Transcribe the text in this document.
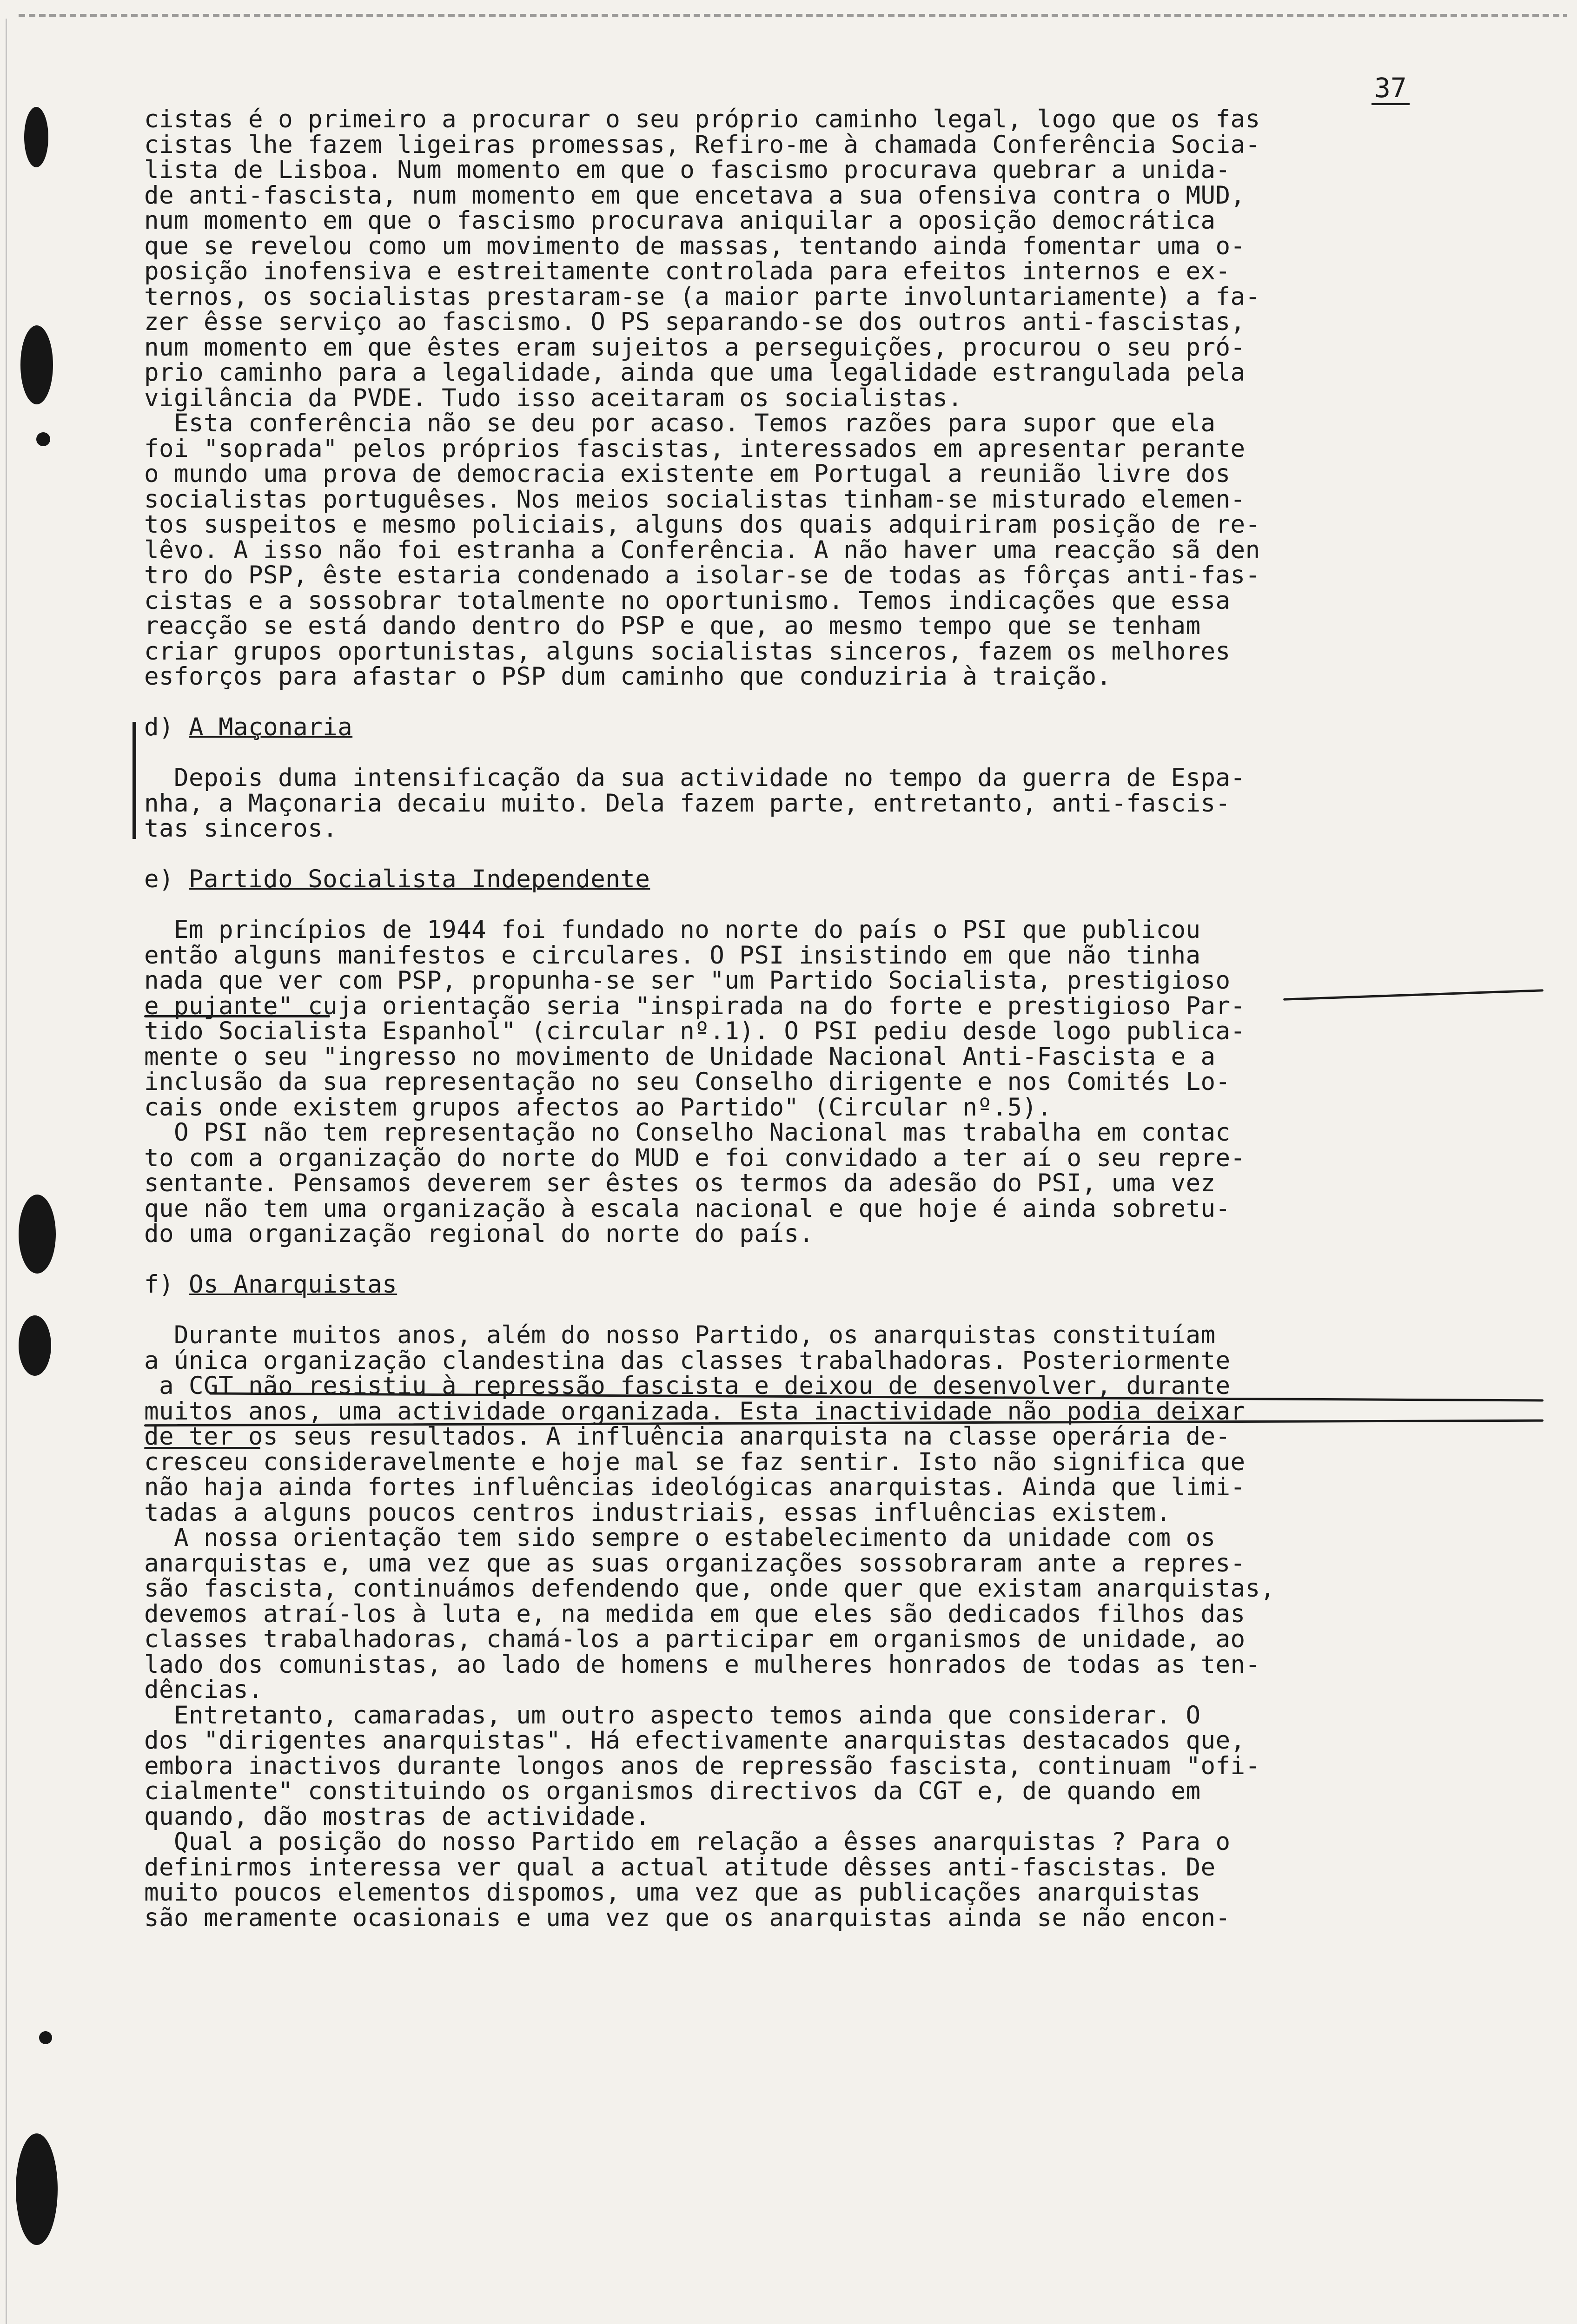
37
cistas é o primeiro a procurar o seu próprio caminho legal, logo que os fas
cistas lhe fazem ligeiras promessas, Refiro-me à chamada Conferência Socia-
lista de Lisboa. Num momento em que o fascismo procurava quebrar a unida-
de anti-fascista, num momento em que encetava a sua ofensiva contra o MUD,
num momento em que o fascismo procurava aniquilar a oposição democrática
que se revelou como um movimento de massas, tentando ainda fomentar uma o-
posição inofensiva e estreitamente controlada para efeitos internos e ex-
ternos, os socialistas prestaram-se (a maior parte involuntariamente) a fa-
zer êsse serviço ao fascismo. O PS separando-se dos outros anti-fascistas,
num momento em que êstes eram sujeitos a perseguições, procurou o seu pró-
prio caminho para a legalidade, ainda que uma legalidade estrangulada pela
vigilância da PVDE. Tudo isso aceitaram os socialistas.
Esta conferência não se deu por acaso. Temos razões para supor que ela
foi "soprada" pelos próprios fascistas, interessados em apresentar perante
o mundo uma prova de democracia existente em Portugal a reunião livre dos
socialistas portuguêses. Nos meios socialistas tinham-se misturado elemen-
tos suspeitos e mesmo policiais, alguns dos quais adquiriram posição de re-
lêvo. A isso não foi estranha a Conferência. A não haver uma reacção sã den
tro do PSP, êste estaria condenado a isolar-se de todas as fôrças anti-fas-
cistas e a sossobrar totalmente no oportunismo. Temos indicações que essa
reacção se está dando dentro do PSP e que, ao mesmo tempo que se tenham
criar grupos oportunistas, alguns socialistas sinceros, fazem os melhores
esforços para afastar o PSP dum caminho que conduziria à traição.
d) A Maçonaria
Depois duma intensificação da sua actividade no tempo da guerra de Espa-
nha, a Maçonaria decaiu muito. Dela fazem parte, entretanto, anti-fascis-
tas sinceros.
e) Partido Socialista Independente
Em princípios de 1944 foi fundado no norte do país o PSI que publicou
então alguns manifestos e circulares. O PSI insistindo em que não tinha
nada que ver com PSP, propunha-se ser "um Partido Socialista, prestigioso
e pujante" cuja orientação seria "inspirada na do forte e prestigioso Par-
tido Socialista Espanhol" (circular nº.1). O PSI pediu desde logo publica-
mente o seu "ingresso no movimento de Unidade Nacional Anti-Fascista e a
inclusão da sua representação no seu Conselho dirigente e nos Comités Lo-
cais onde existem grupos afectos ao Partido" (Circular nº.5).
O PSI não tem representação no Conselho Nacional mas trabalha em contac
to com a organização do norte do MUD e foi convidado a ter aí o seu repre-
sentante. Pensamos deverem ser êstes os termos da adesão do PSI, uma vez
que não tem uma organização à escala nacional e que hoje é ainda sobretu-
do uma organização regional do norte do país.
f) Os Anarquistas
Durante muitos anos, além do nosso Partido, os anarquistas constituíam
a única organização clandestina das classes trabalhadoras. Posteriormente
a CGT não resistiu à repressão fascista e deixou de desenvolver, durante
muitos anos, uma actividade organizada. Esta inactividade não podia deixar
de ter os seus resultados. A influência anarquista na classe operária de-
cresceu consideravelmente e hoje mal se faz sentir. Isto não significa que
não haja ainda fortes influências ideológicas anarquistas. Ainda que limi-
tadas a alguns poucos centros industriais, essas influências existem.
A nossa orientação tem sido sempre o estabelecimento da unidade com os
anarquistas e, uma vez que as suas organizações sossobraram ante a repres-
são fascista, continuámos defendendo que, onde quer que existam anarquistas,
devemos atraí-los à luta e, na medida em que eles são dedicados filhos das
classes trabalhadoras, chamá-los a participar em organismos de unidade, ao
lado dos comunistas, ao lado de homens e mulheres honrados de todas as ten-
dências.
Entretanto, camaradas, um outro aspecto temos ainda que considerar. O
dos "dirigentes anarquistas". Há efectivamente anarquistas destacados que,
embora inactivos durante longos anos de repressão fascista, continuam "ofi-
cialmente" constituindo os organismos directivos da CGT e, de quando em
quando, dão mostras de actividade.
Qual a posição do nosso Partido em relação a êsses anarquistas ? Para o
definirmos interessa ver qual a actual atitude dêsses anti-fascistas. De
muito poucos elementos dispomos, uma vez que as publicações anarquistas
são meramente ocasionais e uma vez que os anarquistas ainda se não encon-
